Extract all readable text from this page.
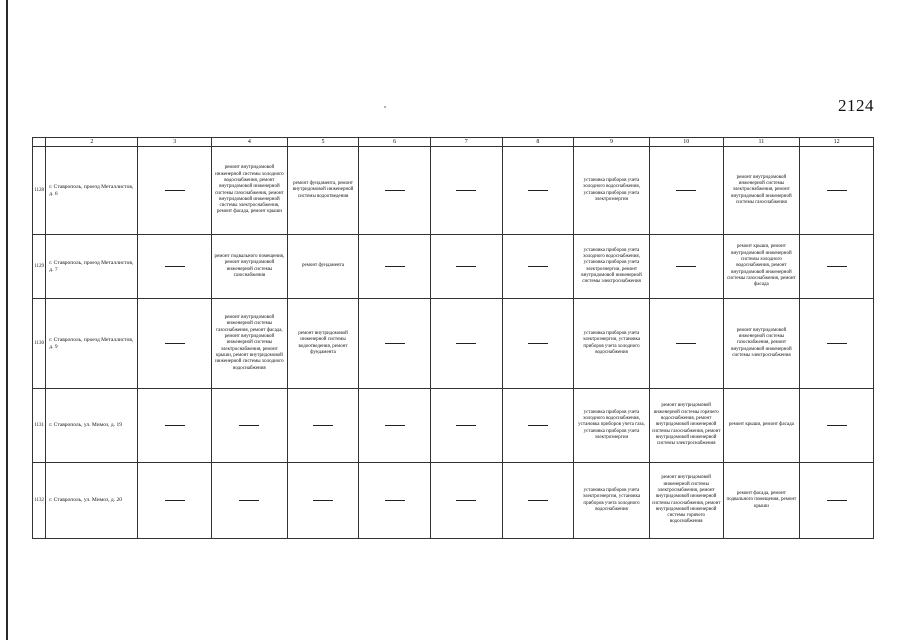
2124
	2	3	4	5	6	7	8	9	10	11	12
1128	г. Ставрополь, проезд Металлистов, д. 6		ремонт внутридомовой инженерной системы холодного водоснабжения, ремонт внутридомовой инженерной системы газоснабжения, ремонт внутридомовой инженерной системы электроснабжения, ремонт фасада, ремонт крыши	ремонт фундамента, ремонт внутридомовой инженерной системы водоотведения				установка приборов учета холодного водоснабжения, установка приборов учета электроэнергии		ремонт внутридомовой инженерной системы электроснабжения, ремонт внутридомовой инженерной системы газоснабжения	

1129	г. Ставрополь, проезд Металлистов, д. 7		ремонт подвального помещения, ремонт внутридомовой инженерной системы газоснабжения	ремонт фундамента				установка приборов учета холодного водоснабжения, установка приборов учета электроэнергии, ремонт внутридомовой инженерной системы электроснабжения		ремонт крыши, ремонт внутридомовой инженерной системы холодного водоснабжения, ремонт внутридомовой инженерной системы газоснабжения, ремонт фасада	

1130	г. Ставрополь, проезд Металлистов, д. 9		ремонт внутридомовой инженерной системы газоснабжения, ремонт фасада, ремонт внутридомовой инженерной системы электроснабжения, ремонт крыши, ремонт внутридомовой инженерной системы холодного водоснабжения	ремонт внутридомовой инженерной системы водоотведения, ремонт фундамента				установка приборов учета электроэнергии, установка приборов учета холодного водоснабжения		ремонт внутридомовой инженерной системы газоснабжения, ремонт внутридомовой инженерной системы электроснабжения	

1131	г. Ставрополь, ул. Мимоз, д. 19							установка приборов учета холодного водоснабжения, установка приборов учета газа, установка приборов учета электроэнергии	ремонт внутридомовой инженерной системы горячего водоснабжения, ремонт внутридомовой инженерной системы газоснабжения, ремонт внутридомовой инженерной системы электроснабжения	ремонт крыши, ремонт фасада	

1132	г. Ставрополь, ул. Мимоз, д. 20							установка приборов учета электроэнергии, установка приборов учета холодного водоснабжения	ремонт внутридомовой инженерной системы электроснабжения, ремонт внутридомовой инженерной системы газоснабжения, ремонт внутридомовой инженерной системы горячего водоснабжения	ремонт фасада, ремонт подвального помещения, ремонт крыши	
